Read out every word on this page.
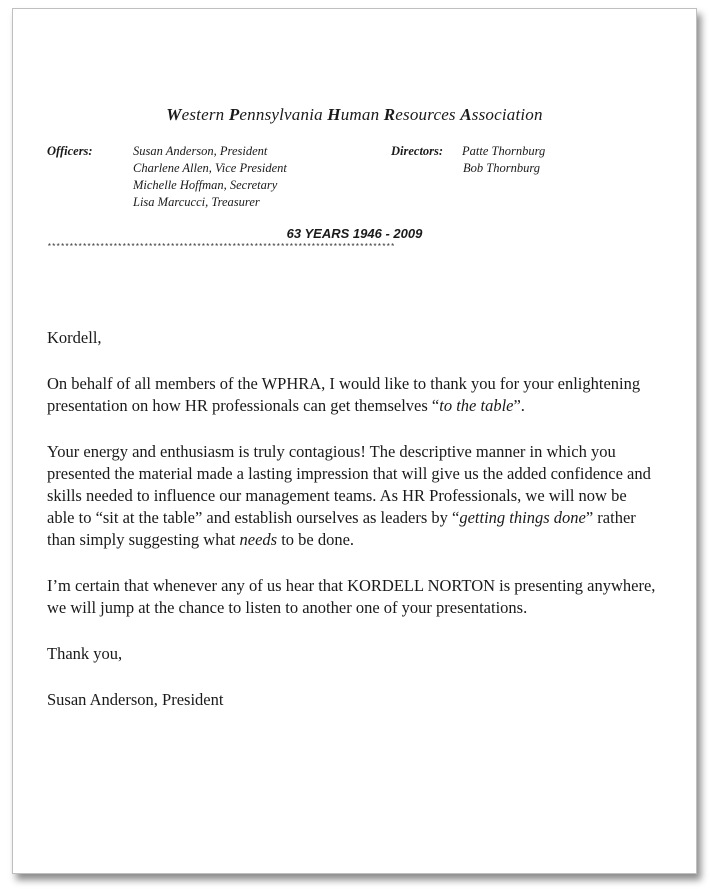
Western Pennsylvania Human Resources Association
Officers:	Susan Anderson, President
Charlene Allen, Vice President
Michelle Hoffman, Secretary
Lisa Marcucci, Treasurer
Directors: Patte Thornburg
Bob Thornburg
63 YEARS 1946 - 2009
*******************************************************************************

Kordell,

On behalf of all members of the WPHRA, I would like to thank you for your enlightening presentation on how HR professionals can get themselves “to the table”.

Your energy and enthusiasm is truly contagious! The descriptive manner in which you presented the material made a lasting impression that will give us the added confidence and skills needed to influence our management teams. As HR Professionals, we will now be able to “sit at the table” and establish ourselves as leaders by “getting things done” rather than simply suggesting what needs to be done.

I’m certain that whenever any of us hear that KORDELL NORTON is presenting anywhere, we will jump at the chance to listen to another one of your presentations.

Thank you,

Susan Anderson, President
